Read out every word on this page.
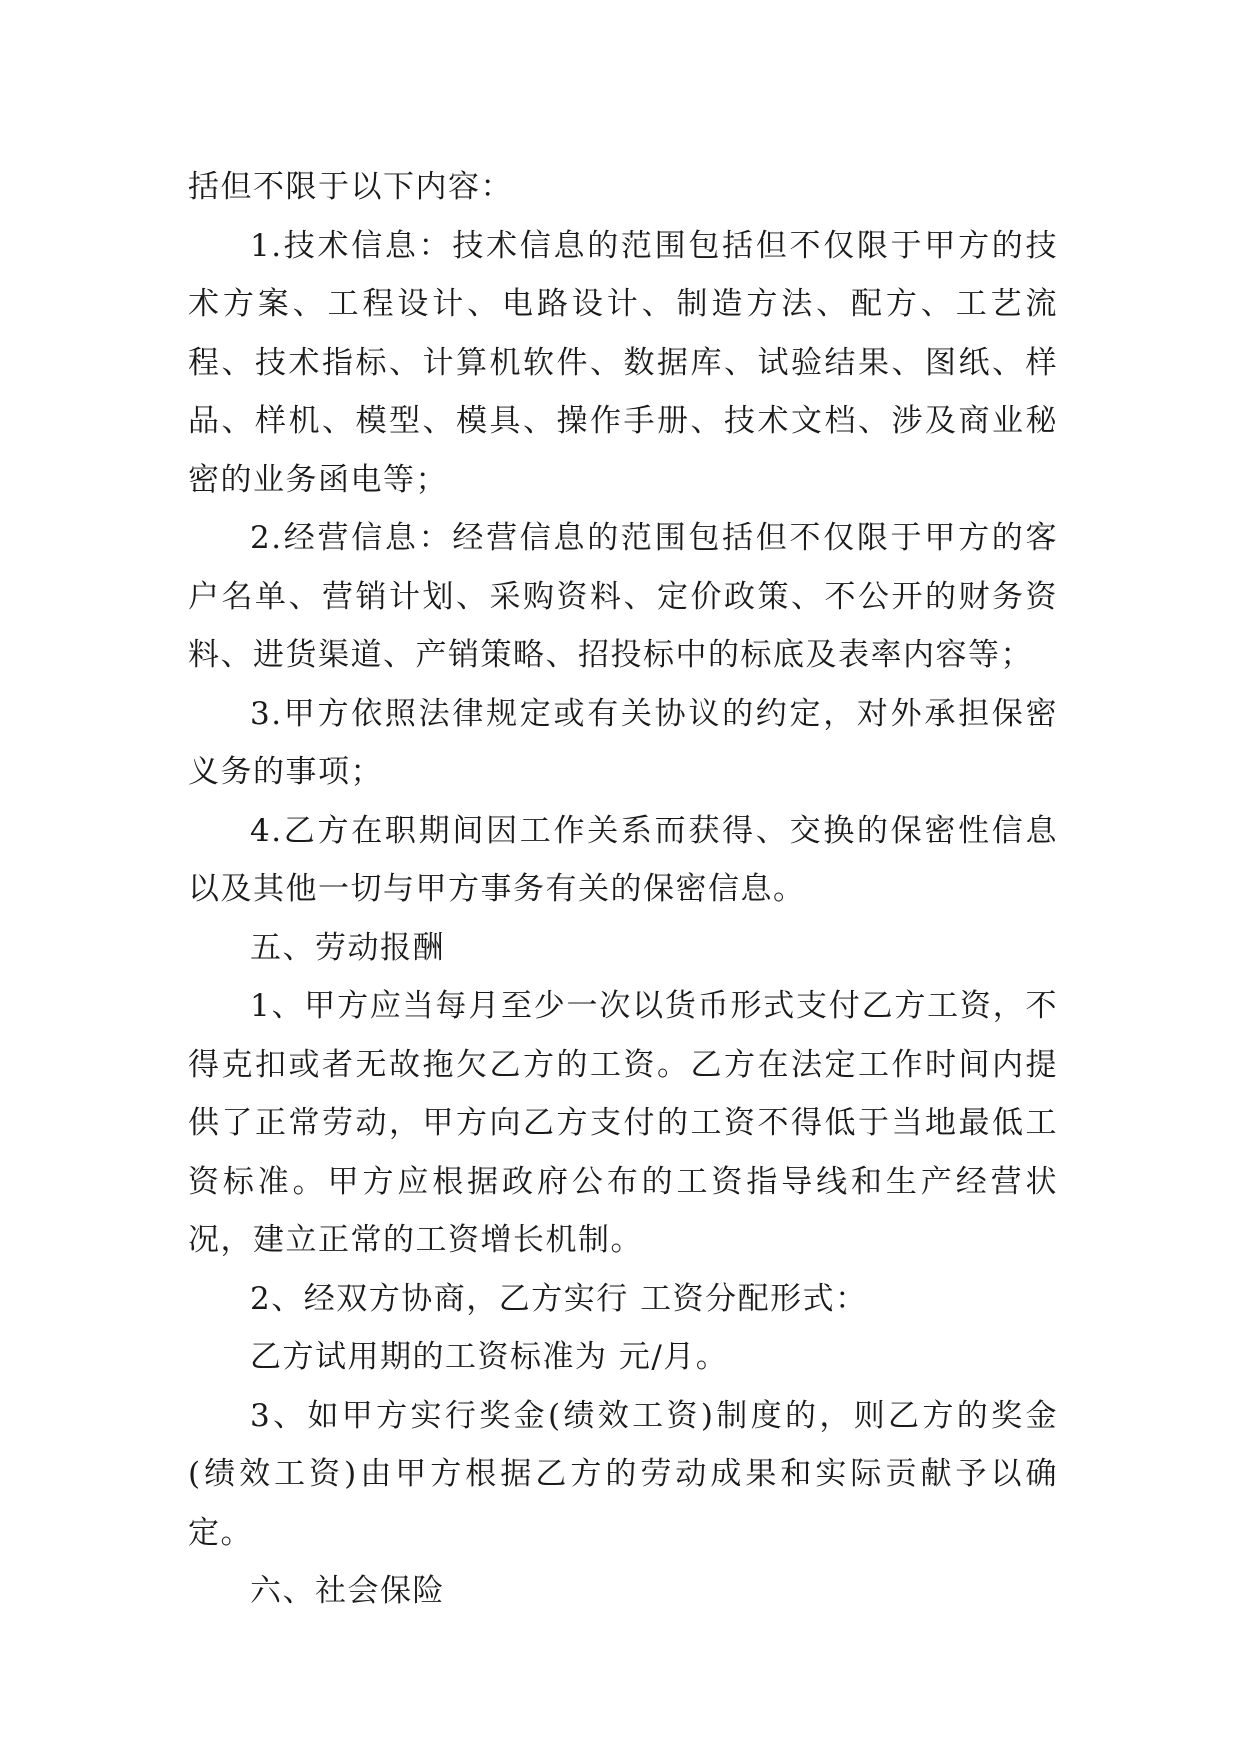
括但不限于以下内容：

1.技术信息：技术信息的范围包括但不仅限于甲方的技术方案、工程设计、电路设计、制造方法、配方、工艺流程、技术指标、计算机软件、数据库、试验结果、图纸、样品、样机、模型、模具、操作手册、技术文档、涉及商业秘密的业务函电等；

2.经营信息：经营信息的范围包括但不仅限于甲方的客户名单、营销计划、采购资料、定价政策、不公开的财务资料、进货渠道、产销策略、招投标中的标底及表率内容等；

3.甲方依照法律规定或有关协议的约定，对外承担保密义务的事项；

4.乙方在职期间因工作关系而获得、交换的保密性信息以及其他一切与甲方事务有关的保密信息。

五、劳动报酬

1、甲方应当每月至少一次以货币形式支付乙方工资，不得克扣或者无故拖欠乙方的工资。乙方在法定工作时间内提供了正常劳动，甲方向乙方支付的工资不得低于当地最低工资标准。甲方应根据政府公布的工资指导线和生产经营状况，建立正常的工资增长机制。

2、经双方协商，乙方实行 工资分配形式：

乙方试用期的工资标准为 元/月。

3、如甲方实行奖金(绩效工资)制度的，则乙方的奖金(绩效工资)由甲方根据乙方的劳动成果和实际贡献予以确定。

六、社会保险
